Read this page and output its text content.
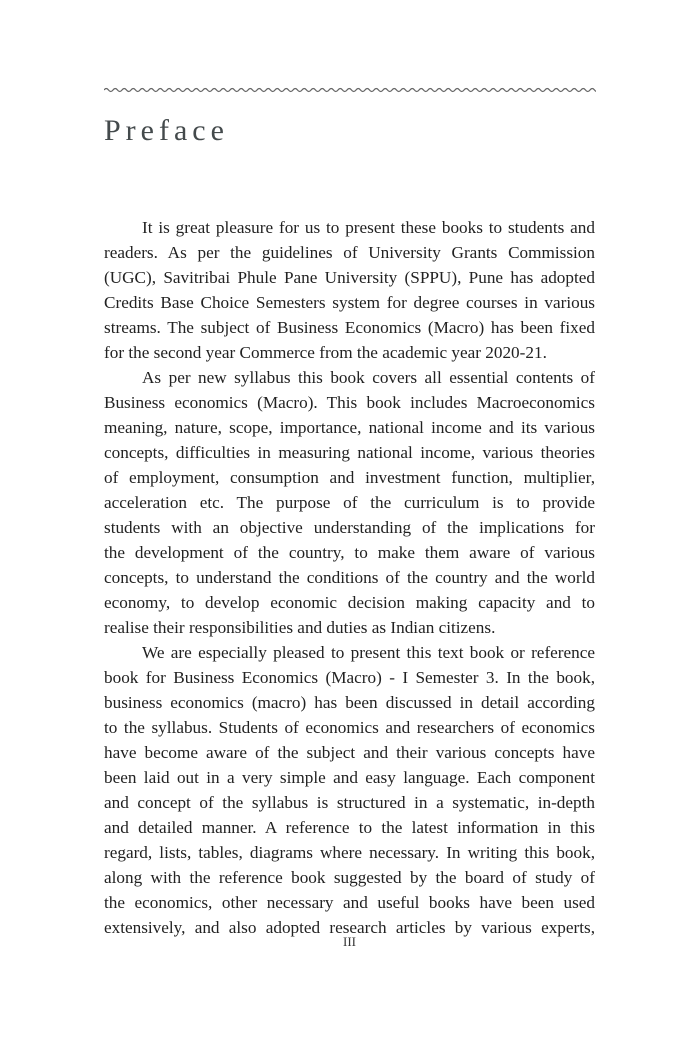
Preface
It is great pleasure for us to present these books to students and
readers. As per the guidelines of University Grants Commission
(UGC), Savitribai Phule Pane University (SPPU), Pune has adopted
Credits Base Choice Semesters system for degree courses in various
streams. The subject of Business Economics (Macro) has been fixed
for the second year Commerce from the academic year 2020-21.
As per new syllabus this book covers all essential contents of
Business economics (Macro). This book includes Macroeconomics
meaning, nature, scope, importance, national income and its various
concepts, difficulties in measuring national income, various theories
of employment, consumption and investment function, multiplier,
acceleration etc. The purpose of the curriculum is to provide
students with an objective understanding of the implications for
the development of the country, to make them aware of various
concepts, to understand the conditions of the country and the world
economy, to develop economic decision making capacity and to
realise their responsibilities and duties as Indian citizens.
We are especially pleased to present this text book or reference
book for Business Economics (Macro) - I Semester 3. In the book,
business economics (macro) has been discussed in detail according
to the syllabus. Students of economics and researchers of economics
have become aware of the subject and their various concepts have
been laid out in a very simple and easy language. Each component
and concept of the syllabus is structured in a systematic, in-depth
and detailed manner. A reference to the latest information in this
regard, lists, tables, diagrams where necessary. In writing this book,
along with the reference book suggested by the board of study of
the economics, other necessary and useful books have been used
extensively, and also adopted research articles by various experts,
III
